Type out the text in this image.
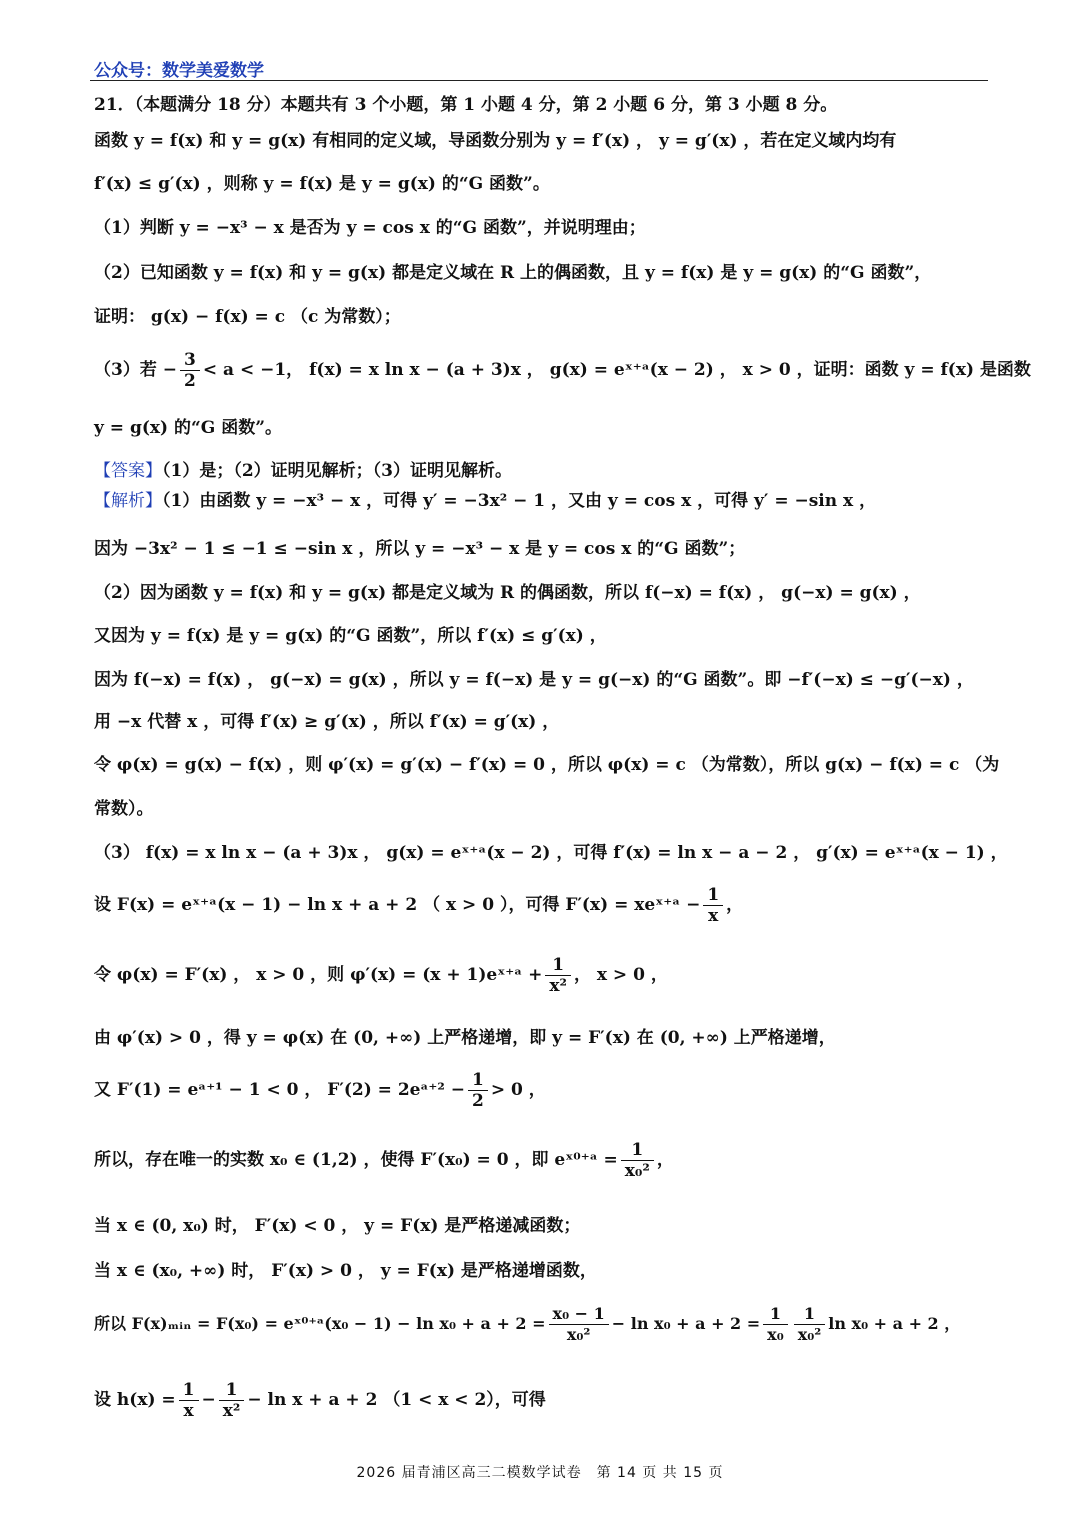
公众号：数学美爱数学
21．（本题满分 18 分）本题共有 3 个小题，第 1 小题 4 分，第 2 小题 6 分，第 3 小题 8 分。
函数 y = f(x) 和 y = g(x) 有相同的定义域，导函数分别为 y = f′(x) ， y = g′(x) ，若在定义域内均有
f′(x) ≤ g′(x) ，则称 y = f(x) 是 y = g(x) 的“G 函数”。
（1）判断 y = −x³ − x 是否为 y = cos x 的“G 函数”，并说明理由；
（2）已知函数 y = f(x) 和 y = g(x) 都是定义域在 R 上的偶函数，且 y = f(x) 是 y = g(x) 的“G 函数”，
证明： g(x) − f(x) = c （c 为常数）；
（3）若 − $\frac{3}{2} < a < -1$， f(x) = x ln x − (a + 3)x ， g(x) = eˣ⁺ᵃ(x − 2) ， x > 0 ，证明：函数 y = f(x) 是函数
y = g(x) 的“G 函数”。
【答案】（1）是；（2）证明见解析；（3）证明见解析。
【解析】（1）由函数 y = −x³ − x ，可得 y′ = −3x² − 1 ，又由 y = cos x ，可得 y′ = −sin x ，
因为 −3x² − 1 ≤ −1 ≤ −sin x ，所以 y = −x³ − x 是 y = cos x 的“G 函数”；
（2）因为函数 y = f(x) 和 y = g(x) 都是定义域为 R 的偶函数，所以 f(−x) = f(x) ， g(−x) = g(x) ，
又因为 y = f(x) 是 y = g(x) 的“G 函数”，所以 f′(x) ≤ g′(x) ，
因为 f(−x) = f(x) ， g(−x) = g(x) ，所以 y = f(−x) 是 y = g(−x) 的“G 函数”。即 −f′(−x) ≤ −g′(−x) ，
用 −x 代替 x ，可得 f′(x) ≥ g′(x) ，所以 f′(x) = g′(x) ，
令 φ(x) = g(x) − f(x) ，则 φ′(x) = g′(x) − f′(x) = 0 ，所以 φ(x) = c （为常数），所以 g(x) − f(x) = c （为
常数）。
（3） f(x) = x ln x − (a + 3)x ， g(x) = eˣ⁺ᵃ(x − 2) ，可得 f′(x) = ln x − a − 2 ， g′(x) = eˣ⁺ᵃ(x − 1) ，
设 F(x) = eˣ⁺ᵃ(x − 1) − ln x + a + 2 （ x > 0 ），可得 F′(x) = xeˣ⁺ᵃ − $\frac{1}{x}$ ，
令 φ(x) = F′(x) ， x > 0 ，则 φ′(x) = (x + 1)eˣ⁺ᵃ + $\frac{1}{\text{x²}}$ ， x > 0 ，
由 φ′(x) > 0 ，得 y = φ(x) 在 (0, +∞) 上严格递增，即 y = F′(x) 在 (0, +∞) 上严格递增，
又 F′(1) = eᵃ⁺¹ − 1 < 0 ， F′(2) = 2eᵃ⁺² − $\frac{1}{2} > 0$ ，
所以，存在唯一的实数 x₀ ∈ (1,2) ，使得 F′(x₀) = 0 ，即 eˣ⁰⁺ᵃ = $\frac{1}{\text{x₀²}}$ ，
当 x ∈ (0, x₀) 时， F′(x) < 0 ， y = F(x) 是严格递减函数；
当 x ∈ (x₀, +∞) 时， F′(x) > 0 ， y = F(x) 是严格递增函数，
所以 F(x)ₘᵢₙ = F(x₀) = eˣ⁰⁺ᵃ(x₀ − $1) - \ln x_0 + a + 2 = \frac{\text{x₀ − 1}}{\text{x₀²}} - \ln x_0 + a + 2 = \frac{1}{\text{x₀}} \frac{1}{\text{x₀²}}$ ln x₀ + a + 2 ，
设 $h(x) = \frac{1}{x} - \frac{1}{\text{x²}} - \ln x + a + 2$ （1 < x < 2），可得
2026 届青浦区高三二模数学试卷　第 14 页 共 15 页
